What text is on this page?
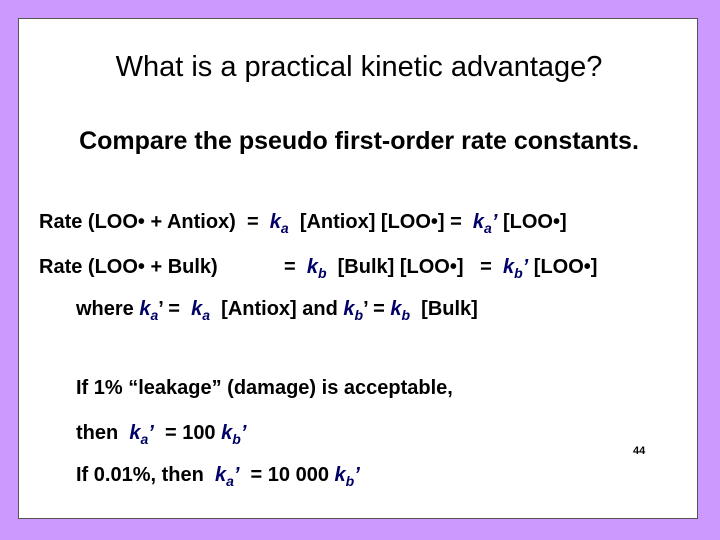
What is a practical kinetic advantage?
Compare the pseudo first-order rate constants.
Rate (LOO• + Antiox) = $k_a$ [Antiox] [LOO•] = $k_a$’ [LOO•]
Rate (LOO• + Bulk)	= $k_b$ [Bulk] [LOO•] = $k_b$’ [LOO•]
where $k_a$’ = $k_a$ [Antiox] and $k_b$’ = $k_b$ [Bulk]
If 1% “leakage” (damage) is acceptable,
then $k_a$’ = 100 $k_b$’
If 0.01%, then $k_a$’ = 10 000 $k_b$’
44
